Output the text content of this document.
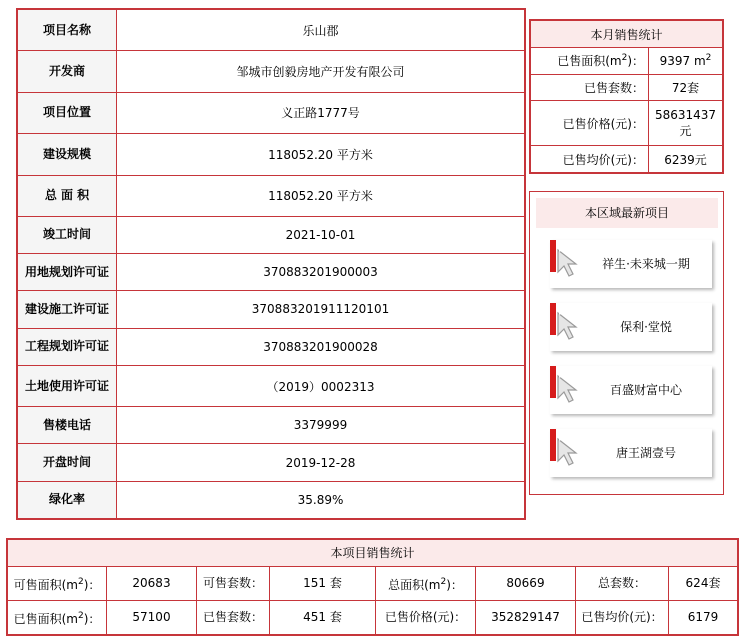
项目名称	乐山郡
开发商	邹城市创毅房地产开发有限公司
项目位置	义正路1777号
建设规模	118052.20 平方米
总 面 积	118052.20 平方米
竣工时间	2021-10-01
用地规划许可证	370883201900003
建设施工许可证	370883201911120101
工程规划许可证	370883201900028
土地使用许可证	（2019）0002313
售楼电话	3379999
开盘时间	2019-12-28
绿化率	35.89%
本月销售统计	
已售面积$(m^2)$：	9397 $m^2$
已售套数：	72套
已售价格(元)：	58631437元
已售均价(元)：	6239元
本区域最新项目
祥生·未来城一期
保利·堂悦
百盛财富中心
唐王湖壹号
本项目销售统计							
可售面积$(m^2)$：	20683	可售套数：	151 套	总面积$(m^2)$：	80669	总套数：	624套
已售面积$(m^2)$：	57100	已售套数：	451 套	已售价格(元)：	352829147	已售均价(元)：	6179
